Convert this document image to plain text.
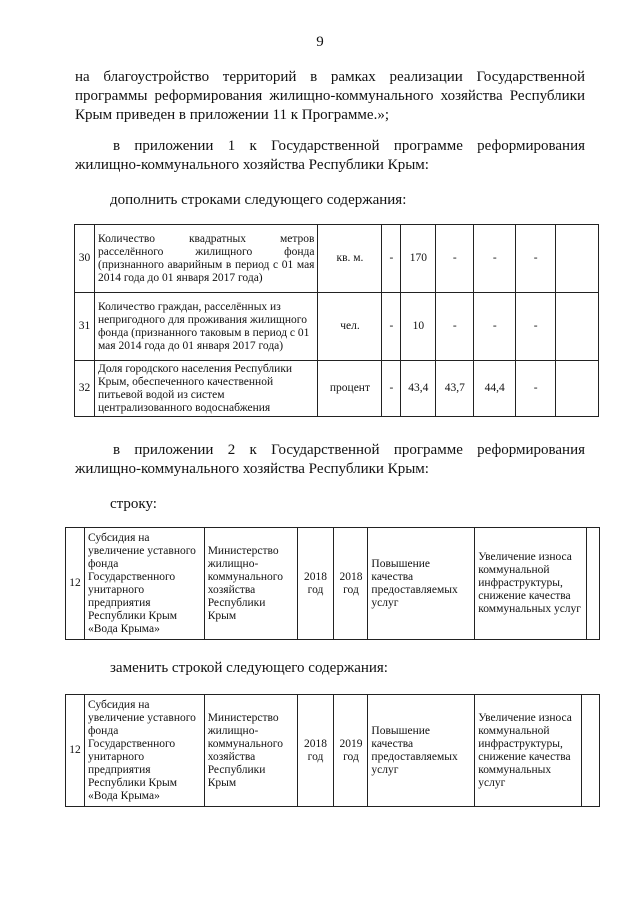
9

на благоустройство территорий в рамках реализации Государственной программы реформирования жилищно-коммунального хозяйства Республики Крым приведен в приложении 11 к Программе.»;

в приложении 1 к Государственной программе реформирования жилищно-коммунального хозяйства Республики Крым:

дополнить строками следующего содержания:

30	Количество квадратных метров расселённого жилищного фонда (признанного аварийным в период с 01 мая 2014 года до 01 января 2017 года)	кв. м.	-	170	-	-	-	
31	Количество граждан, расселённых из непригодного для проживания жилищного фонда (признанного таковым в период с 01 мая 2014 года до 01 января 2017 года)	чел.	-	10	-	-	-	
32	Доля городского населения Республики Крым, обеспеченного качественной питьевой водой из систем централизованного водоснабжения	процент	-	43,4	43,7	44,4	-	

в приложении 2 к Государственной программе реформирования жилищно-коммунального хозяйства Республики Крым:

строку:

12	Субсидия на увеличение уставного фонда Государственного унитарного предприятия Республики Крым «Вода Крыма»	Министерство жилищно-коммунального хозяйства Республики Крым	2018 год	2018 год	Повышение качества предоставляемых услуг	Увеличение износа коммунальной инфраструктуры, снижение качества коммунальных услуг	

заменить строкой следующего содержания:

12	Субсидия на увеличение уставного фонда Государственного унитарного предприятия Республики Крым «Вода Крыма»	Министерство жилищно-коммунального хозяйства Республики Крым	2018 год	2019 год	Повышение качества предоставляемых услуг	Увеличение износа коммунальной инфраструктуры, снижение качества коммунальных услуг	
